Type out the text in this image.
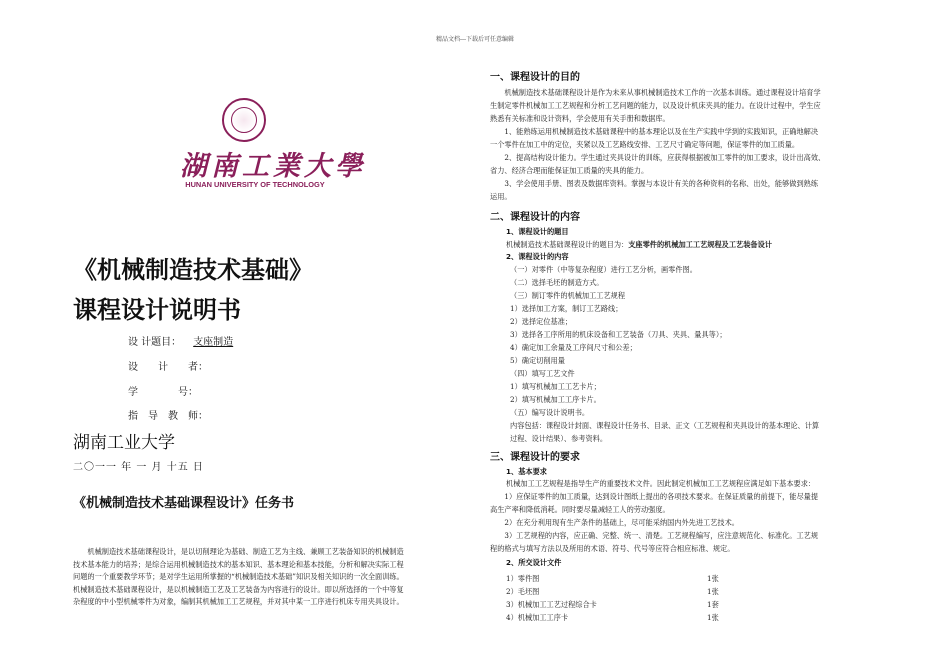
精品文档---下载后可任意编辑
湖南工業大學
HUNAN UNIVERSITY OF TECHNOLOGY
《机械制造技术基础》
课程设计说明书
设 计题目： 支座制造
设　　计　　者：
学　　　　号：
指　导　教　师：
湖南工业大学
二〇一一 年 一 月 十五 日
《机械制造技术基础课程设计》任务书
　　机械制造技术基础课程设计，是以切削理论为基础、制造工艺为主线、兼顾工艺装备知识的机械制造
技术基本能力的培养；是综合运用机械制造技术的基本知识、基本理论和基本技能，分析和解决实际工程
问题的一个重要教学环节；是对学生运用所掌握的“机械制造技术基础”知识及相关知识的一次全面训练。
机械制造技术基础课程设计，是以机械制造工艺及工艺装备为内容进行的设计。即以所选择的一个中等复
杂程度的中小型机械零件为对象，编制其机械加工工艺规程，并对其中某一工序进行机床专用夹具设计。
一、课程设计的目的
　　机械制造技术基础课程设计是作为未来从事机械制造技术工作的一次基本训练。通过课程设计培育学
生制定零件机械加工工艺规程和分析工艺问题的能力，以及设计机床夹具的能力。在设计过程中，学生应
熟悉有关标准和设计资料，学会使用有关手册和数据库。
　　1、能熟练运用机械制造技术基础课程中的基本理论以及在生产实践中学到的实践知识，正确地解决
一个零件在加工中的定位，夹紧以及工艺路线安排、工艺尺寸确定等问题，保证零件的加工质量。
　　2、提高结构设计能力。学生通过夹具设计的训练，应获得根据被加工零件的加工要求，设计出高效、
省力、经济合理而能保证加工质量的夹具的能力。
　　3、学会使用手册、图表及数据库资料。掌握与本设计有关的各种资料的名称、出处，能够做到熟练
运用。
二、课程设计的内容
1、课程设计的题目
机械制造技术基础课程设计的题目为：支座零件的机械加工工艺规程及工艺装备设计
2、课程设计的内容
（一）对零件（中等复杂程度）进行工艺分析，画零件图。
（二）选择毛坯的制造方式。
（三）制订零件的机械加工工艺规程
1）选择加工方案，制订工艺路线；
2）选择定位基准；
3）选择各工序所用的机床设备和工艺装备（刀具、夹具、量具等）；
4）确定加工余量及工序间尺寸和公差；
5）确定切削用量
（四）填写工艺文件
1）填写机械加工工艺卡片；
2）填写机械加工工序卡片。
（五）编写设计说明书。
内容包括：课程设计封面、课程设计任务书、目录、正文（工艺规程和夹具设计的基本理论、计算
过程、设计结果）、参考资料。
三、课程设计的要求
1、基本要求
机械加工工艺规程是指导生产的重要技术文件。因此制定机械加工工艺规程应满足如下基本要求：
　　1）应保证零件的加工质量，达到设计图纸上提出的各项技术要求。在保证质量的前提下，能尽量提
高生产率和降低消耗。同时要尽量减轻工人的劳动强度。
　　2）在充分利用现有生产条件的基础上，尽可能采纳国内外先进工艺技术。
　　3）工艺规程的内容，应正确、完整、统一、清楚。工艺规程编写，应注意规范化、标准化。工艺规
程的格式与填写方法以及所用的术语、符号、代号等应符合相应标准、规定。
2、所交设计文件
1）零件图	1张
2）毛坯图	1张
3）机械加工工艺过程综合卡	1套
4）机械加工工序卡	1张
